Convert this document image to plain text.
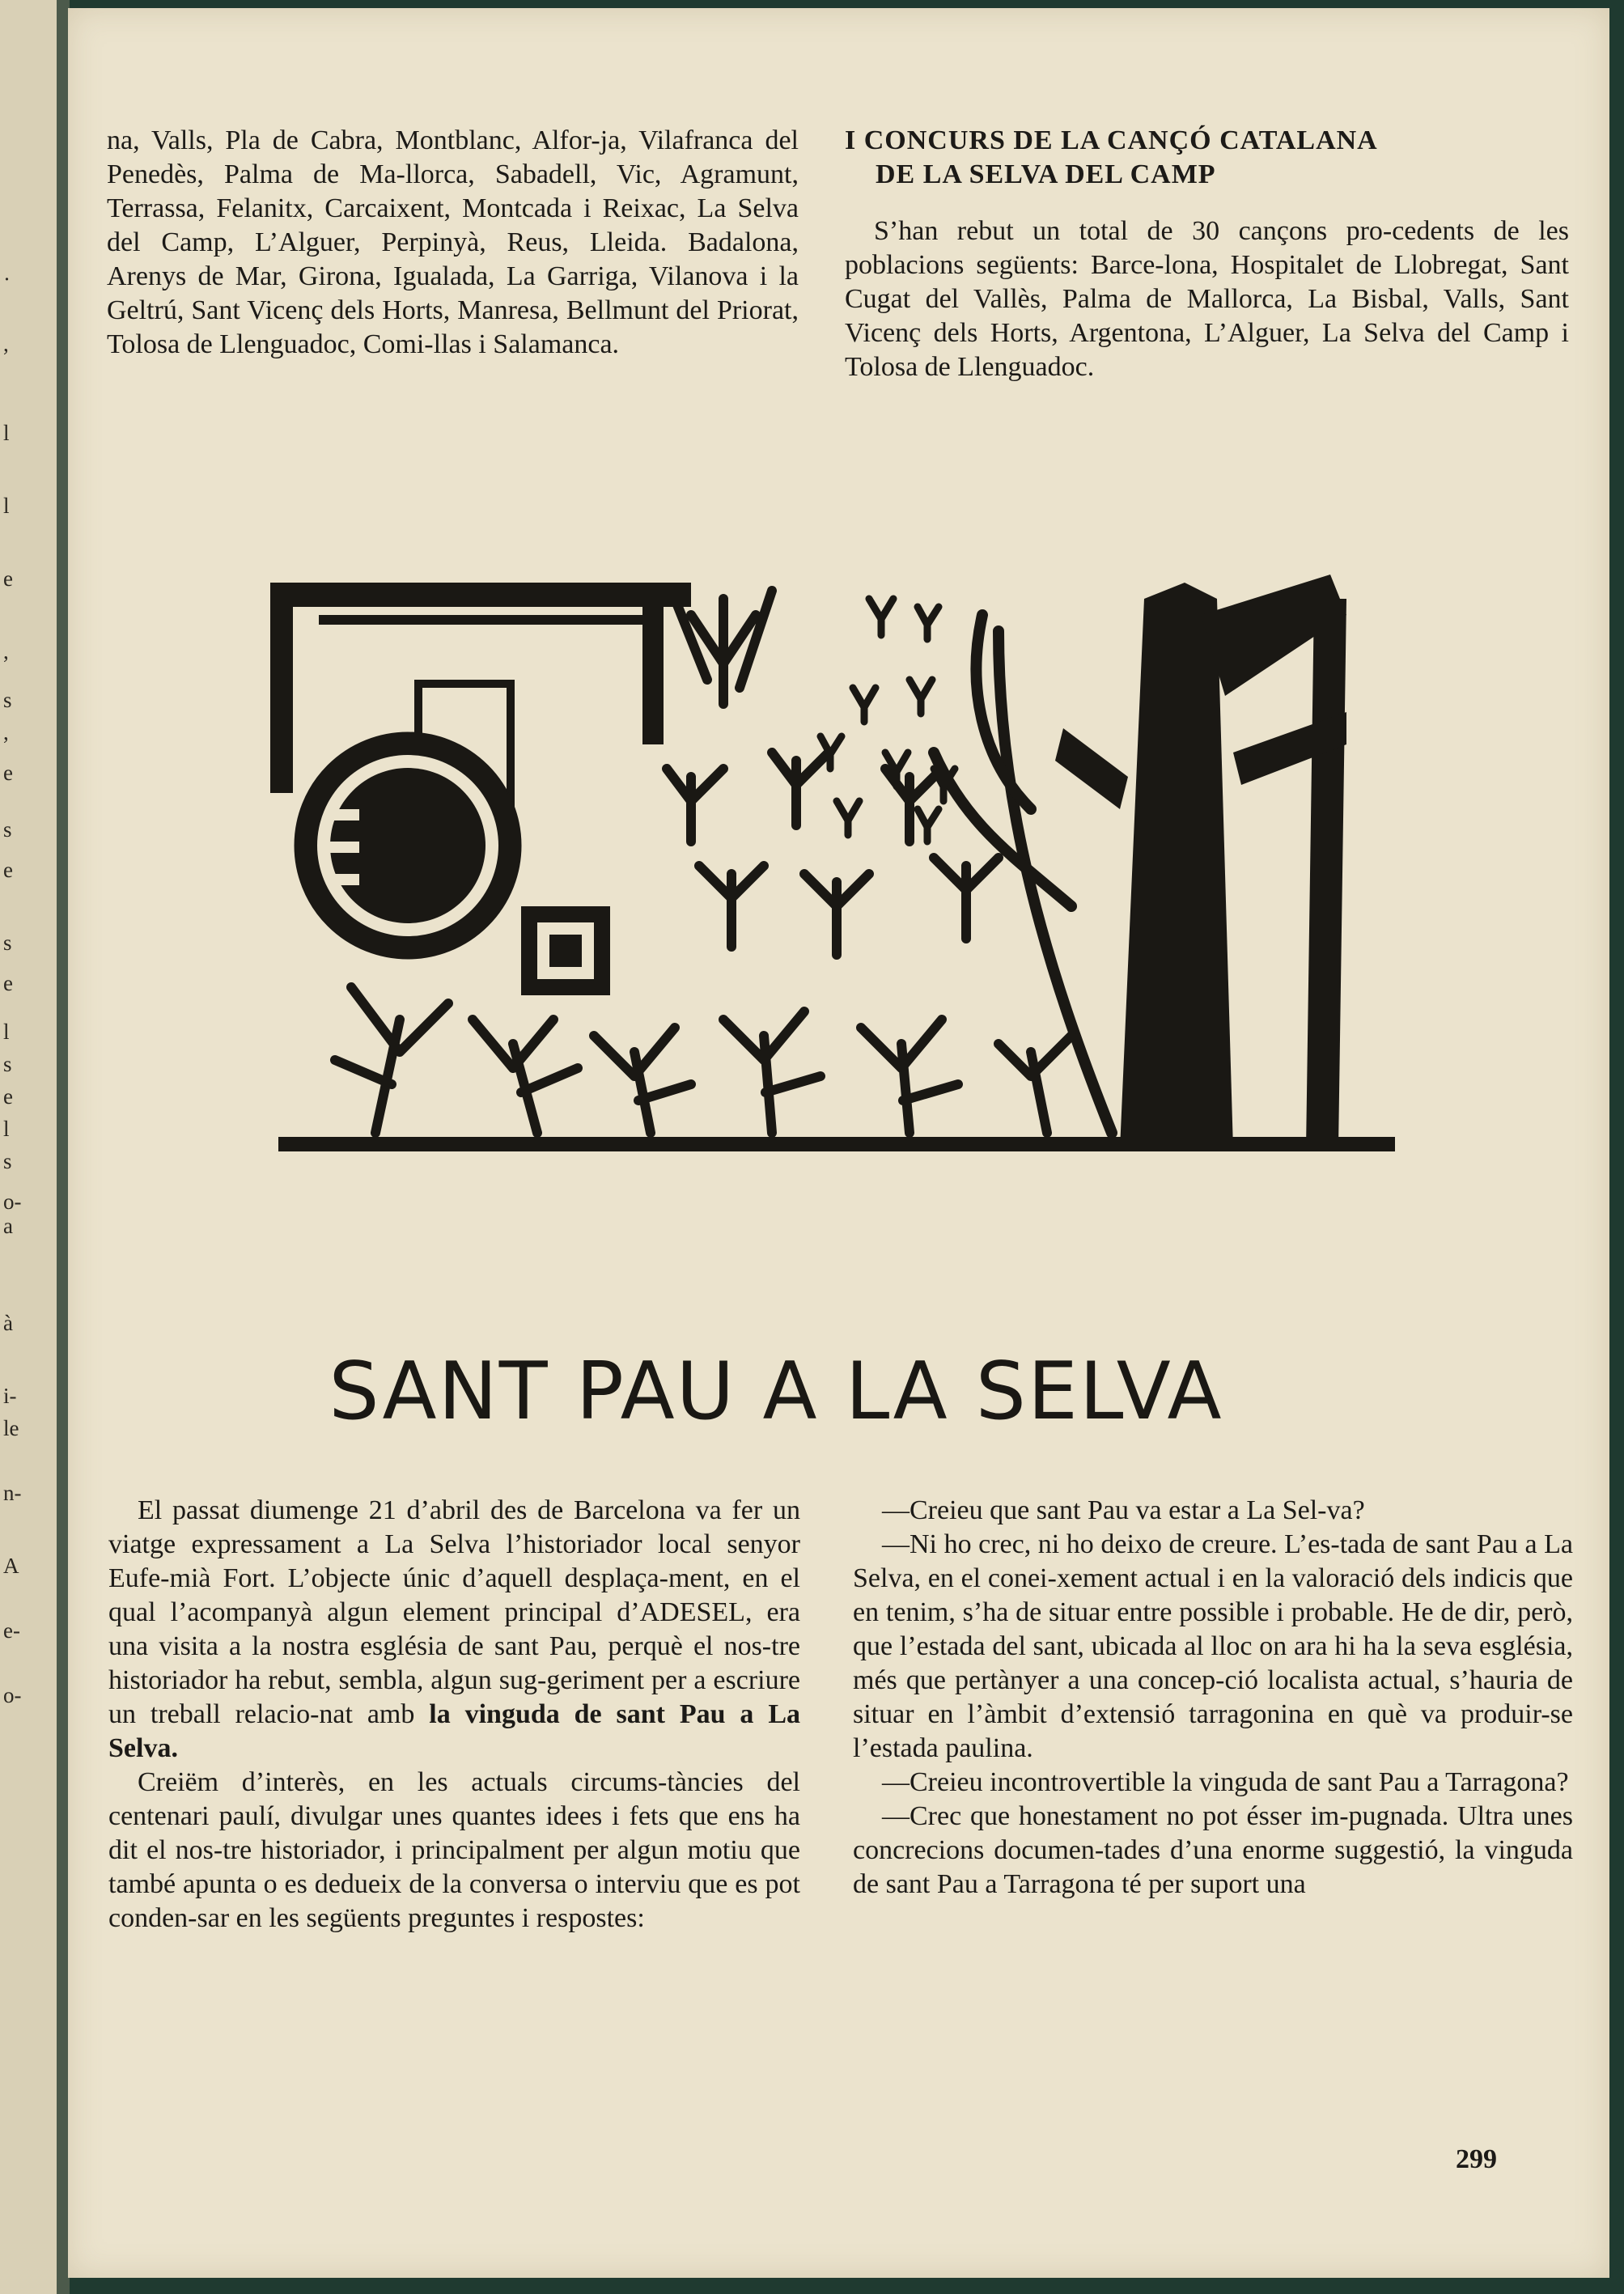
·
,
l
l
e
,
s
,
e
s
e
s
e
l
s
e
l
s
o-
a
à
i-
le
n-
A
e-
o-

na, Valls, Pla de Cabra, Montblanc, Alfor-ja, Vilafranca del Penedès, Palma de Ma-llorca, Sabadell, Vic, Agramunt, Terrassa, Felanitx, Carcaixent, Montcada i Reixac, La Selva del Camp, L’Alguer, Perpinyà, Reus, Lleida. Badalona, Arenys de Mar, Girona, Igualada, La Garriga, Vilanova i la Geltrú, Sant Vicenç dels Horts, Manresa, Bellmunt del Priorat, Tolosa de Llenguadoc, Comi-llas i Salamanca.

I CONCURS DE LA CANÇÓ CATALANA
DE LA SELVA DEL CAMP

S’han rebut un total de 30 cançons pro-cedents de les poblacions següents: Barce-lona, Hospitalet de Llobregat, Sant Cugat del Vallès, Palma de Mallorca, La Bisbal, Valls, Sant Vicenç dels Horts, Argentona, L’Alguer, La Selva del Camp i Tolosa de Llenguadoc.

SANT PAU A LA SELVA

El passat diumenge 21 d’abril des de Barcelona va fer un viatge expressament a La Selva l’historiador local senyor Eufe-mià Fort. L’objecte únic d’aquell desplaça-ment, en el qual l’acompanyà algun element principal d’ADESEL, era una visita a la nostra església de sant Pau, perquè el nos-tre historiador ha rebut, sembla, algun sug-geriment per a escriure un treball relacio-nat amb la vinguda de sant Pau a La Selva.

Creiëm d’interès, en les actuals circums-tàncies del centenari paulí, divulgar unes quantes idees i fets que ens ha dit el nos-tre historiador, i principalment per algun motiu que també apunta o es dedueix de la conversa o interviu que es pot conden-sar en les següents preguntes i respostes:

—Creieu que sant Pau va estar a La Sel-va?

—Ni ho crec, ni ho deixo de creure. L’es-tada de sant Pau a La Selva, en el conei-xement actual i en la valoració dels indicis que en tenim, s’ha de situar entre possible i probable. He de dir, però, que l’estada del sant, ubicada al lloc on ara hi ha la seva església, més que pertànyer a una concep-ció localista actual, s’hauria de situar en l’àmbit d’extensió tarragonina en què va produir-se l’estada paulina.

—Creieu incontrovertible la vinguda de sant Pau a Tarragona?

—Crec que honestament no pot ésser im-pugnada. Ultra unes concrecions documen-tades d’una enorme suggestió, la vinguda de sant Pau a Tarragona té per suport una

299
